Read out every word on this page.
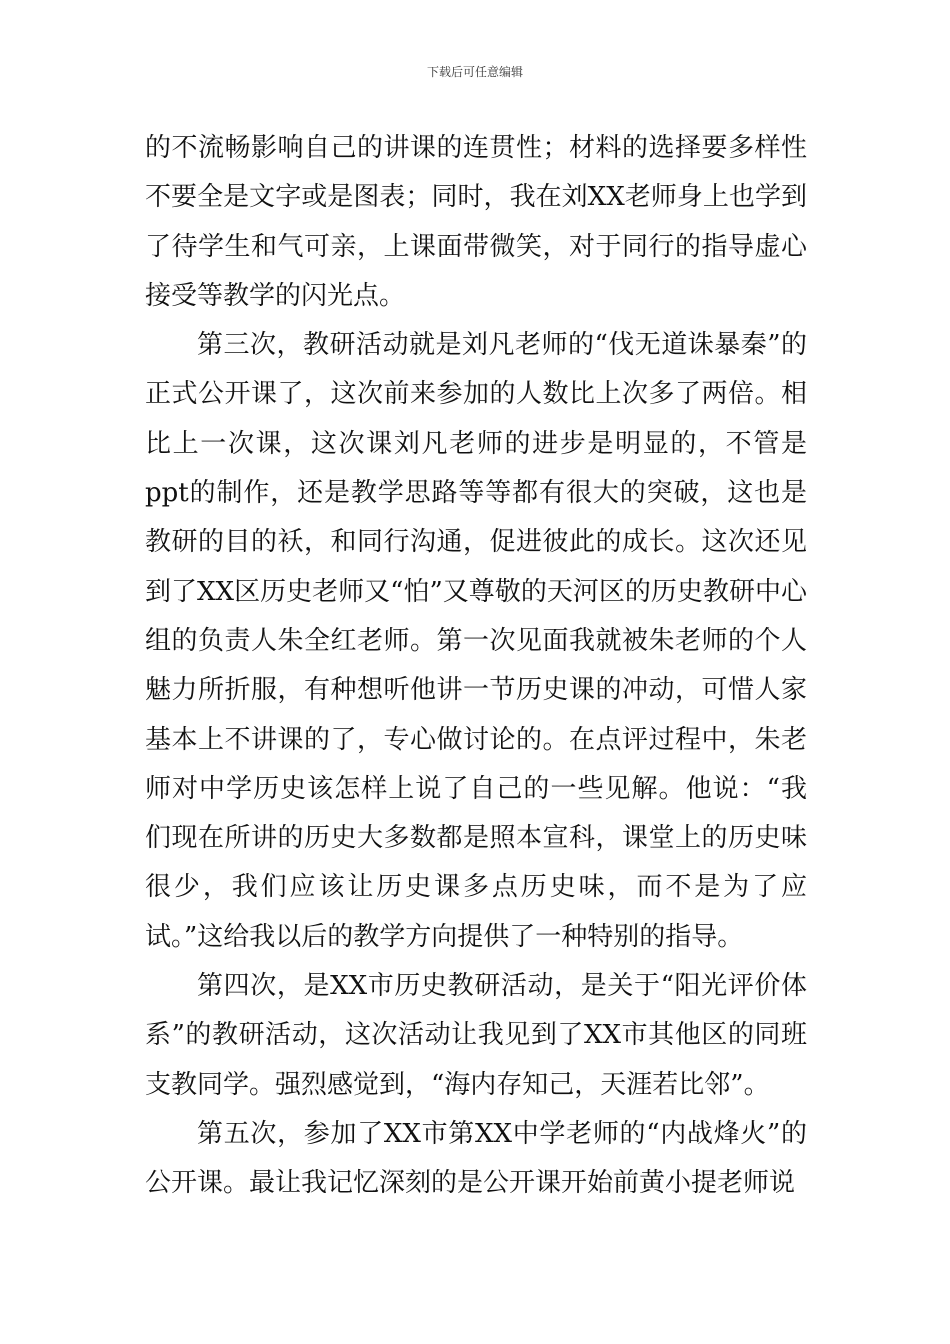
下载后可任意编辑

的不流畅影响自己的讲课的连贯性；材料的选择要多样性不要全是文字或是图表；同时，我在刘XX老师身上也学到了待学生和气可亲，上课面带微笑，对于同行的指导虚心接受等教学的闪光点。

第三次，教研活动就是刘凡老师的“伐无道诛暴秦”的正式公开课了，这次前来参加的人数比上次多了两倍。相比上一次课，这次课刘凡老师的进步是明显的，不管是ppt的制作，还是教学思路等等都有很大的突破，这也是教研的目的袄，和同行沟通，促进彼此的成长。这次还见到了XX区历史老师又“怕”又尊敬的天河区的历史教研中心组的负责人朱全红老师。第一次见面我就被朱老师的个人魅力所折服，有种想听他讲一节历史课的冲动，可惜人家基本上不讲课的了，专心做讨论的。在点评过程中，朱老师对中学历史该怎样上说了自己的一些见解。他说：“我们现在所讲的历史大多数都是照本宣科，课堂上的历史味很少，我们应该让历史课多点历史味，而不是为了应试。”这给我以后的教学方向提供了一种特别的指导。

第四次，是XX市历史教研活动，是关于“阳光评价体系”的教研活动，这次活动让我见到了XX市其他区的同班支教同学。强烈感觉到，“海内存知己，天涯若比邻”。

第五次，参加了XX市第XX中学老师的“内战烽火”的公开课。最让我记忆深刻的是公开课开始前黄小提老师说
